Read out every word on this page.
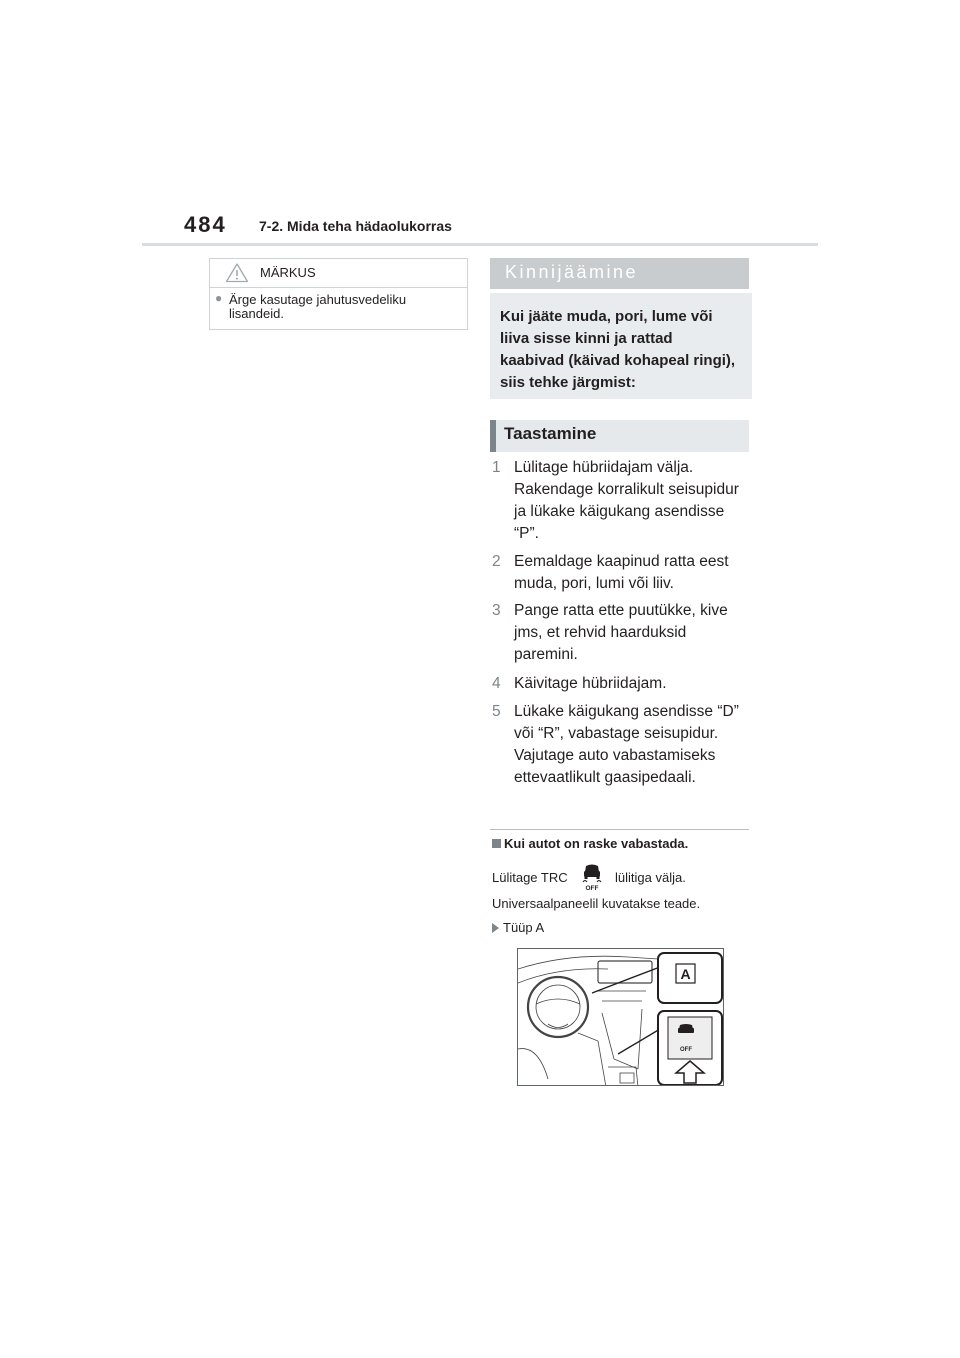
484 7-2. Mida teha hädaolukorras
MÄRKUS
● Ärge kasutage jahutusvedeliku lisandeid.
Kinnijäämine
Kui jääte muda, pori, lume või liiva sisse kinni ja rattad kaabivad (käivad kohapeal ringi), siis tehke järgmist:
Taastamine
1 Lülitage hübriidajam välja. Rakendage korralikult seisupidur ja lükake käigukang asendisse “P”.
2 Eemaldage kaapinud ratta eest muda, pori, lumi või liiv.
3 Pange ratta ette puutükke, kive jms, et rehvid haarduksid paremini.
4 Käivitage hübriidajam.
5 Lükake käigukang asendisse “D” või “R”, vabastage seisupidur. Vajutage auto vabastamiseks ettevaatlikult gaasipedaali.
Kui autot on raske vabastada.
Lülitage TRC
OFF
lülitiga välja.
Universaalpaneelil kuvatakse teade.
Tüüp A
A
OFF
